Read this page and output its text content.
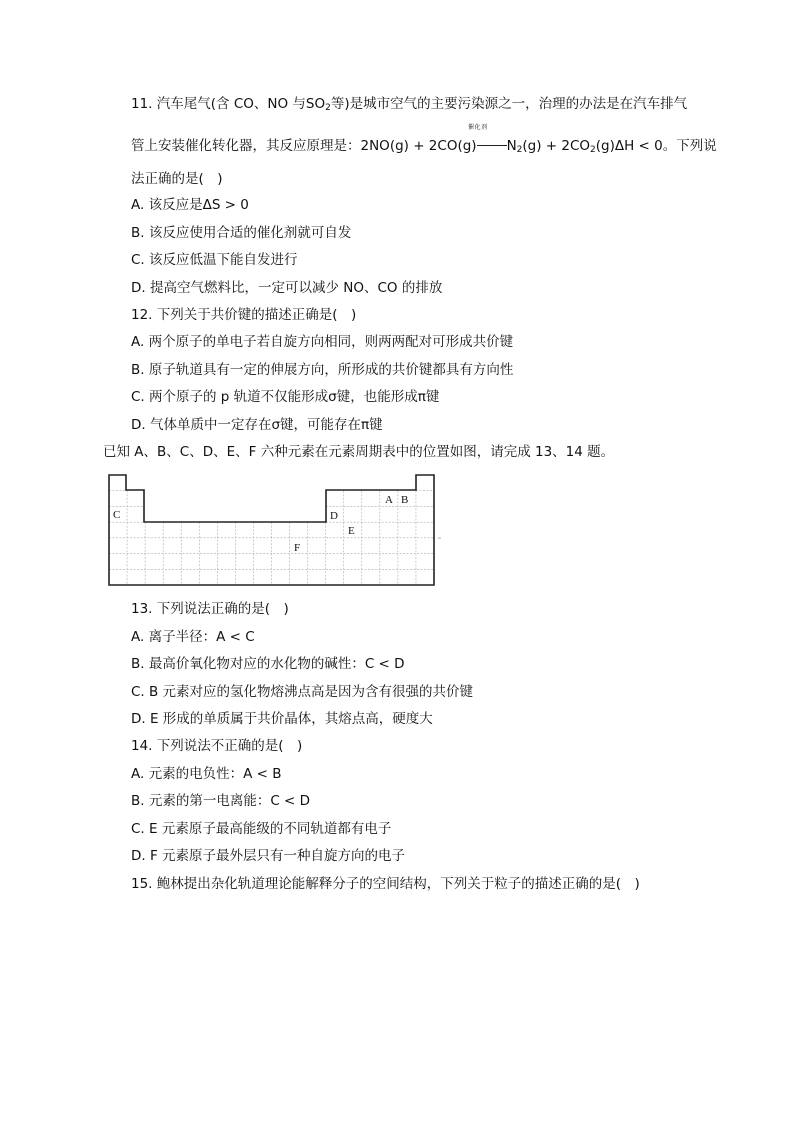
11. 汽车尾气(含 CO、NO 与$SO_2$等)是城市空气的主要污染源之一，治理的办法是在汽车排气
催化剂
管上安装催化转化器，其反应原理是：2NO(g) + 2CO(g) $N_2(g) + 2CO_2(g)\Delta H < 0$。下列说
法正确的是(　)
A. 该反应是ΔS > 0
B. 该反应使用合适的催化剂就可自发
C. 该反应低温下能自发进行
D. 提高空气燃料比，一定可以减少 NO、CO 的排放
12. 下列关于共价键的描述正确是(　)
A. 两个原子的单电子若自旋方向相同，则两两配对可形成共价键
B. 原子轨道具有一定的伸展方向，所形成的共价键都具有方向性
C. 两个原子的 p 轨道不仅能形成σ键，也能形成π键
D. 气体单质中一定存在σ键，可能存在π键
已知 A、B、C、D、E、F 六种元素在元素周期表中的位置如图，请完成 13、14 题。
C	D
E
F
A B
13. 下列说法正确的是(　)
A. 离子半径：A < C
B. 最高价氧化物对应的水化物的碱性：C < D
C. B 元素对应的氢化物熔沸点高是因为含有很强的共价键
D. E 形成的单质属于共价晶体，其熔点高，硬度大
14. 下列说法不正确的是(　)
A. 元素的电负性：A < B
B. 元素的第一电离能：C < D
C. E 元素原子最高能级的不同轨道都有电子
D. F 元素原子最外层只有一种自旋方向的电子
15. 鲍林提出杂化轨道理论能解释分子的空间结构，下列关于粒子的描述正确的是(　)
